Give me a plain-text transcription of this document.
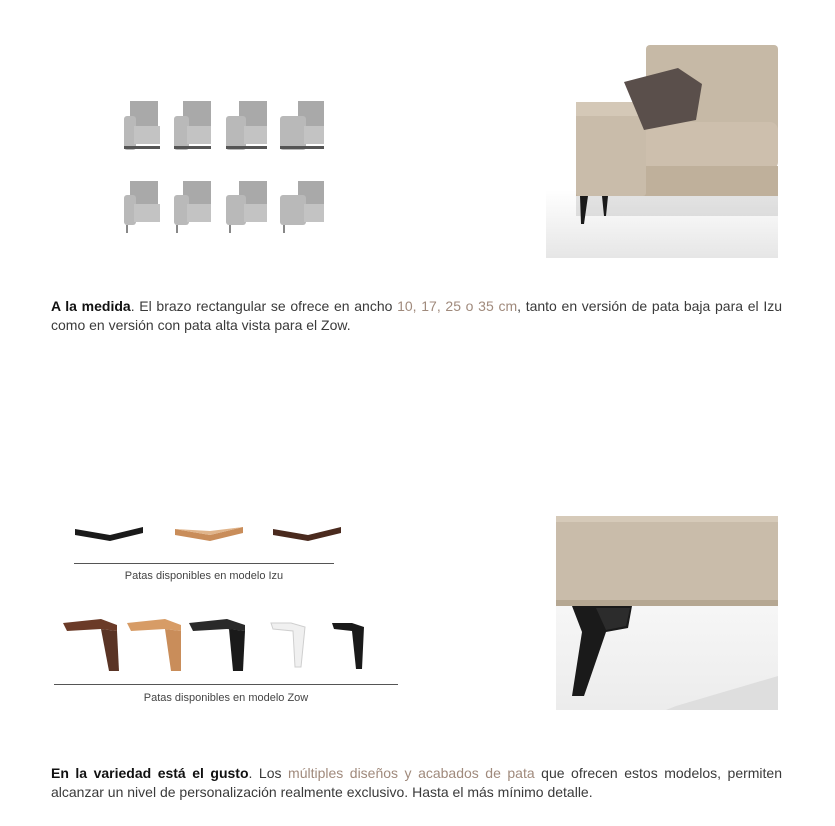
A la medida. El brazo rectangular se ofrece en ancho 10, 17, 25 o 35 cm, tanto en versión de pata baja para el Izu como en versión con pata alta vista para el Zow.

Patas disponibles en modelo Izu
Patas disponibles en modelo Zow

En la variedad está el gusto. Los múltiples diseños y acabados de pata que ofrecen estos modelos, permiten alcanzar un nivel de personalización realmente exclusivo. Hasta el más mínimo detalle.
